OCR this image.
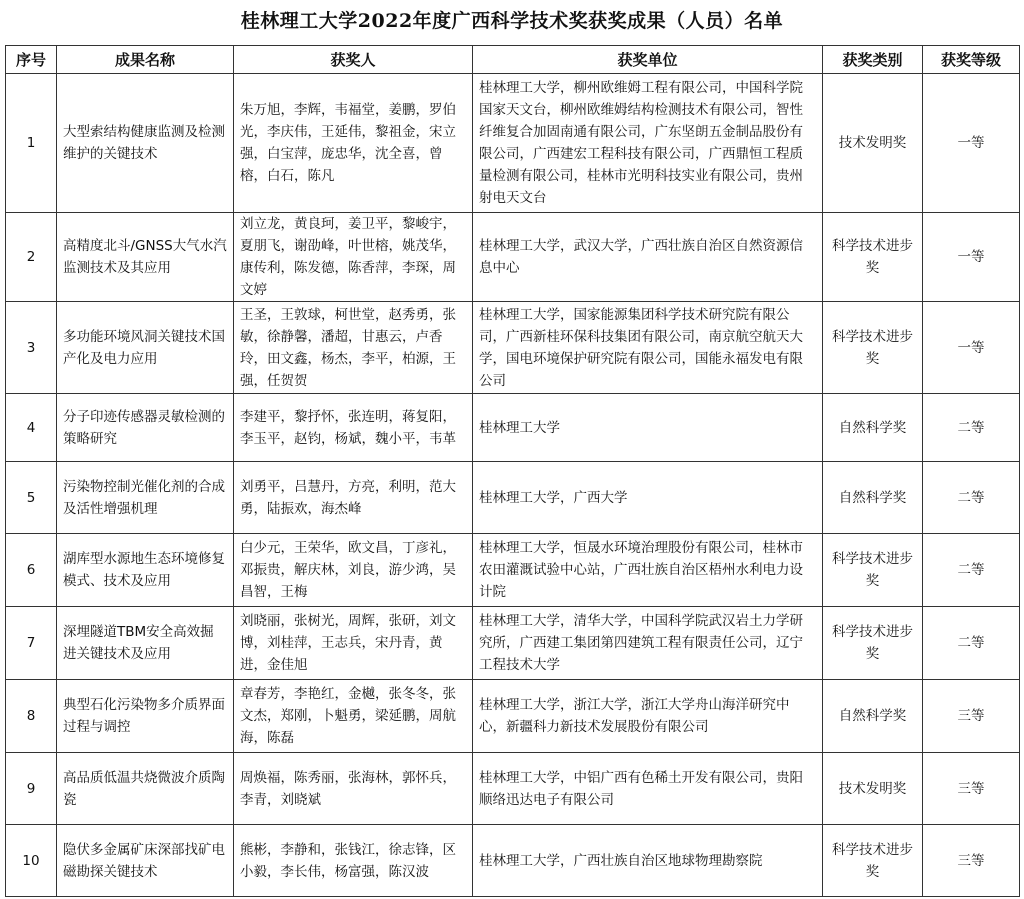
桂林理工大学2022年度广西科学技术奖获奖成果（人员）名单
序号	成果名称	获奖人	获奖单位	获奖类别	获奖等级
1	大型索结构健康监测及检测维护的关键技术	朱万旭，李辉，韦福堂，姜鹏，罗伯光，李庆伟，王延伟，黎祖金，宋立强，白宝萍，庞忠华，沈全喜，曾榕，白石，陈凡	桂林理工大学，柳州欧维姆工程有限公司，中国科学院国家天文台，柳州欧维姆结构检测技术有限公司，智性纤维复合加固南通有限公司，广东坚朗五金制品股份有限公司，广西建宏工程科技有限公司，广西鼎恒工程质量检测有限公司，桂林市光明科技实业有限公司，贵州射电天文台	技术发明奖	一等
2	高精度北斗/GNSS大气水汽监测技术及其应用	刘立龙，黄良珂，姜卫平，黎峻宇，夏朋飞，谢劭峰，叶世榕，姚茂华，康传利，陈发德，陈香萍，李琛，周文婷	桂林理工大学，武汉大学，广西壮族自治区自然资源信息中心	科学技术进步奖	一等
3	多功能环境风洞关键技术国产化及电力应用	王圣，王敦球，柯世堂，赵秀勇，张敏，徐静馨，潘超，甘惠云，卢香玲，田文鑫，杨杰，李平，柏源，王强，任贺贺	桂林理工大学，国家能源集团科学技术研究院有限公司，广西新桂环保科技集团有限公司，南京航空航天大学，国电环境保护研究院有限公司，国能永福发电有限公司	科学技术进步奖	一等
4	分子印迹传感器灵敏检测的策略研究	李建平，黎抒怀，张连明，蒋复阳，李玉平，赵钧，杨斌，魏小平，韦革	桂林理工大学	自然科学奖	二等
5	污染物控制光催化剂的合成及活性增强机理	刘勇平，吕慧丹，方亮，利明，范大勇，陆振欢，海杰峰	桂林理工大学，广西大学	自然科学奖	二等
6	湖库型水源地生态环境修复模式、技术及应用	白少元，王荣华，欧文昌，丁彦礼，邓振贵，解庆林，刘良，游少鸿，吴昌智，王梅	桂林理工大学，恒晟水环境治理股份有限公司，桂林市农田灌溉试验中心站，广西壮族自治区梧州水利电力设计院	科学技术进步奖	二等
7	深埋隧道TBM安全高效掘进关键技术及应用	刘晓丽，张树光，周辉，张研，刘文博，刘桂萍，王志兵，宋丹青，黄进，金佳旭	桂林理工大学，清华大学，中国科学院武汉岩土力学研究所，广西建工集团第四建筑工程有限责任公司，辽宁工程技术大学	科学技术进步奖	二等
8	典型石化污染物多介质界面过程与调控	章春芳，李艳红，金樾，张冬冬，张文杰，郑刚，卜魁勇，梁延鹏，周航海，陈磊	桂林理工大学，浙江大学，浙江大学舟山海洋研究中心，新疆科力新技术发展股份有限公司	自然科学奖	三等
9	高品质低温共烧微波介质陶瓷	周焕福，陈秀丽，张海林，郭怀兵，李青，刘晓斌	桂林理工大学，中铝广西有色稀土开发有限公司，贵阳顺络迅达电子有限公司	技术发明奖	三等
10	隐伏多金属矿床深部找矿电磁勘探关键技术	熊彬，李静和，张钱江，徐志锋，区小毅，李长伟，杨富强，陈汉波	桂林理工大学，广西壮族自治区地球物理勘察院	科学技术进步奖	三等
